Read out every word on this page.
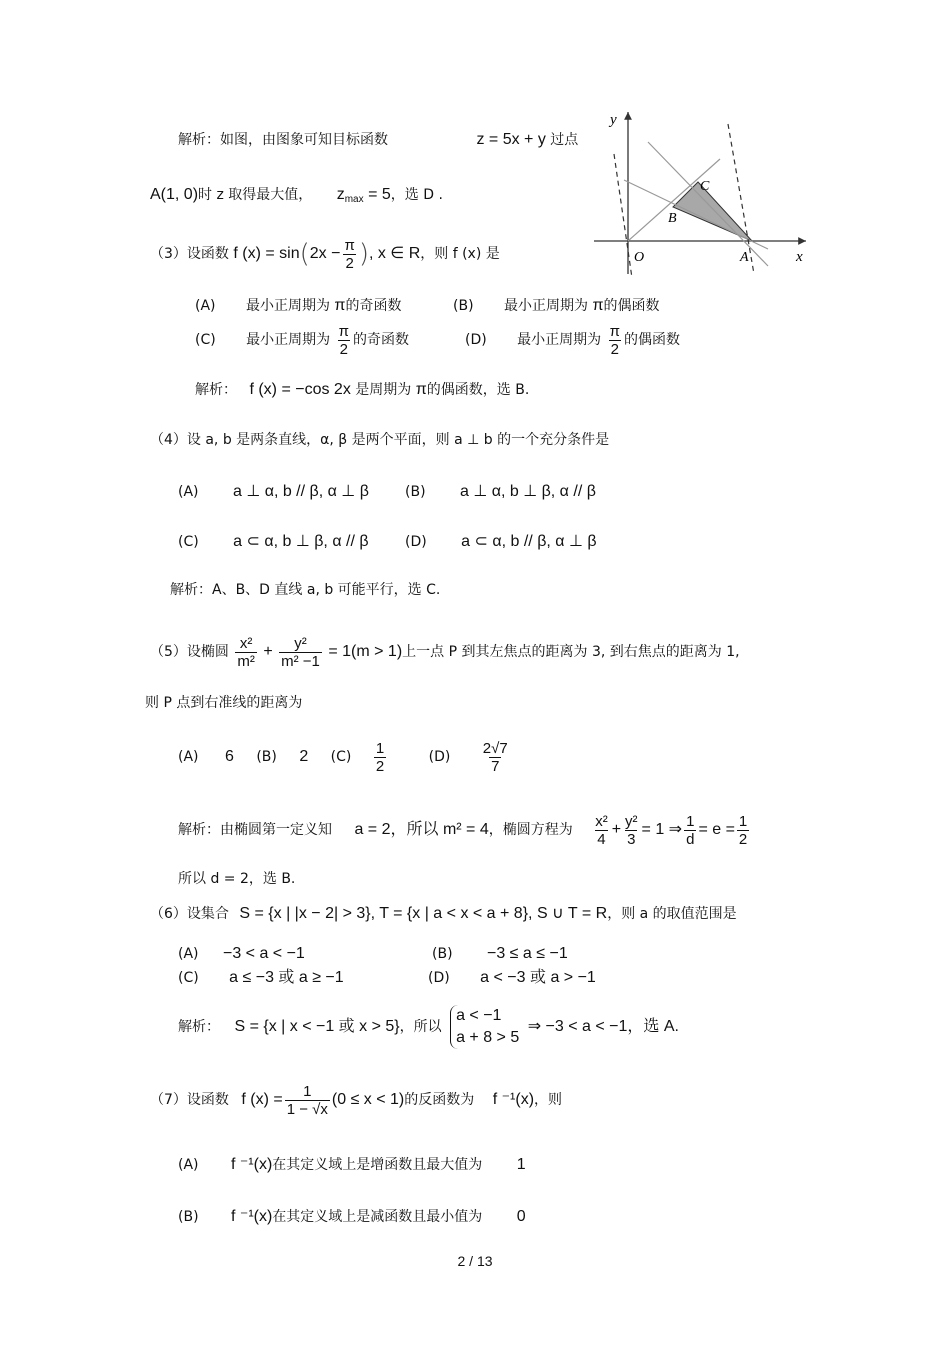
解析：如图，由图象可知目标函数	z = 5x + y 过点
A(1, 0)时 z 取得最大值， $z_{max} = 5$，选 D .
y
x
O	A
B
C
（3）设函数 f $(x) = \sin(2x - \frac{\pi}{2}$ ), x ∈ R，则 f (x) 是
(A) 最小正周期为 π的奇函数	(B) 最小正周期为 π的偶函数
(C) 最小正周期为 $\frac{\pi}{2}$ 的奇函数	(D) 最小正周期为 $\frac{\pi}{2}$ 的偶函数
解析： f (x) = −cos 2x 是周期为 π的偶函数，选 B.
（4）设 a, b 是两条直线，α, β 是两个平面，则 a ⊥ b 的一个充分条件是
(A) a ⊥ α, b // β, α ⊥ β	(B) a ⊥ α, b ⊥ β, α // β
(C) a ⊂ α, b ⊥ β, α // β	(D) a ⊂ α, b // β, α ⊥ β
解析：A、B、D 直线 a, b 可能平行，选 C.
（5）设椭圆 $\frac{\text{x²}}{\text{m²}} + \frac{\text{y²}}{\text{m² −1}} = 1(m > 1)$上一点 P 到其左焦点的距离为 3, 到右焦点的距离为 1,
则 P 点到右准线的距离为
(A) 6 (B) 2 $(C) \frac{1}{2}$	$(D) \frac{2√7}{7}$
解析：由椭圆第一定义知 a = 2，所以 m² = 4，椭圆方程为 $\frac{\text{x²}}{4} + \frac{\text{y²}}{3} = 1$ ⇒ $\frac{1}{d} = e = \frac{1}{2}$
所以 d = 2，选 B.
（6）设集合 S = {x | |x − 2| > 3}, T = {x | a < x < a + 8}, S ∪ T = R，则 a 的取值范围是
(A) −3 < a < −1	(B) −3 ≤ a ≤ −1
(C) a ≤ −3 或 a ≥ −1	(D) a < −3 或 a > −1
解析： S = {x | x < −1 或 x > 5}，所以
a < −1
a + 8 > 5
⇒ −3 < a < −1，选 A.
（7）设函数 f $(x) = \frac{1}{1 - √x} (0 \le x < 1)$的反函数为 f ⁻¹(x)，则
(A) f ⁻¹(x)在其定义域上是增函数且最大值为 1
(B) f ⁻¹(x)在其定义域上是减函数且最小值为 0
2 / 13
